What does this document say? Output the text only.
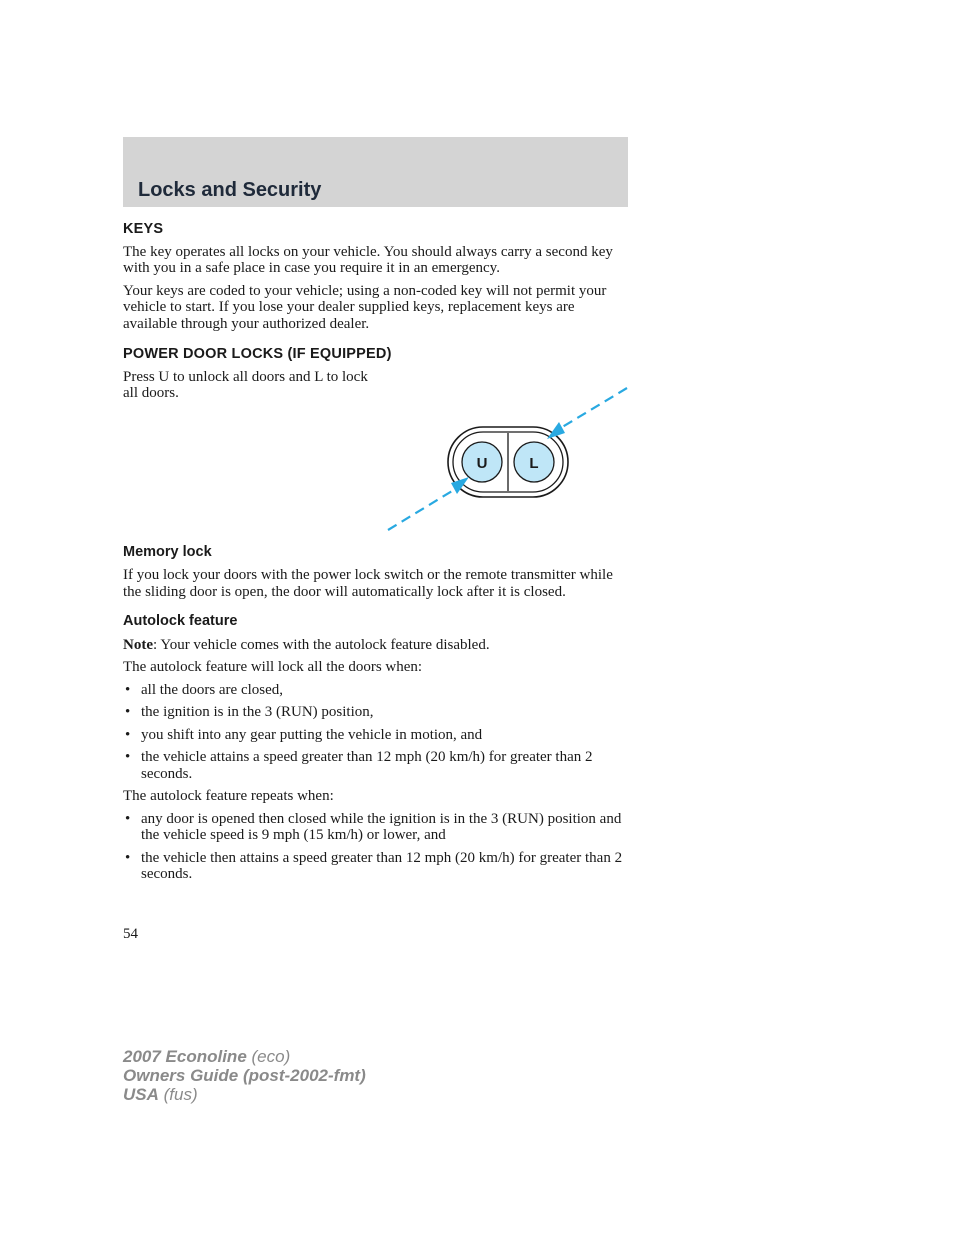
Locks and Security
KEYS

The key operates all locks on your vehicle. You should always carry a second key with you in a safe place in case you require it in an emergency.

Your keys are coded to your vehicle; using a non-coded key will not permit your vehicle to start. If you lose your dealer supplied keys, replacement keys are available through your authorized dealer.

POWER DOOR LOCKS (IF EQUIPPED)

Press U to unlock all doors and L to lock all doors.

Memory lock

If you lock your doors with the power lock switch or the remote transmitter while the sliding door is open, the door will automatically lock after it is closed.

Autolock feature

Note: Your vehicle comes with the autolock feature disabled.

The autolock feature will lock all the doors when:

• all the doors are closed,
• the ignition is in the 3 (RUN) position,
• you shift into any gear putting the vehicle in motion, and
• the vehicle attains a speed greater than 12 mph (20 km/h) for greater than 2 seconds.

The autolock feature repeats when:

• any door is opened then closed while the ignition is in the 3 (RUN) position and the vehicle speed is 9 mph (15 km/h) or lower, and
• the vehicle then attains a speed greater than 12 mph (20 km/h) for greater than 2 seconds.
U	L
54
2007 Econoline (eco)
Owners Guide (post-2002-fmt)
USA (fus)
